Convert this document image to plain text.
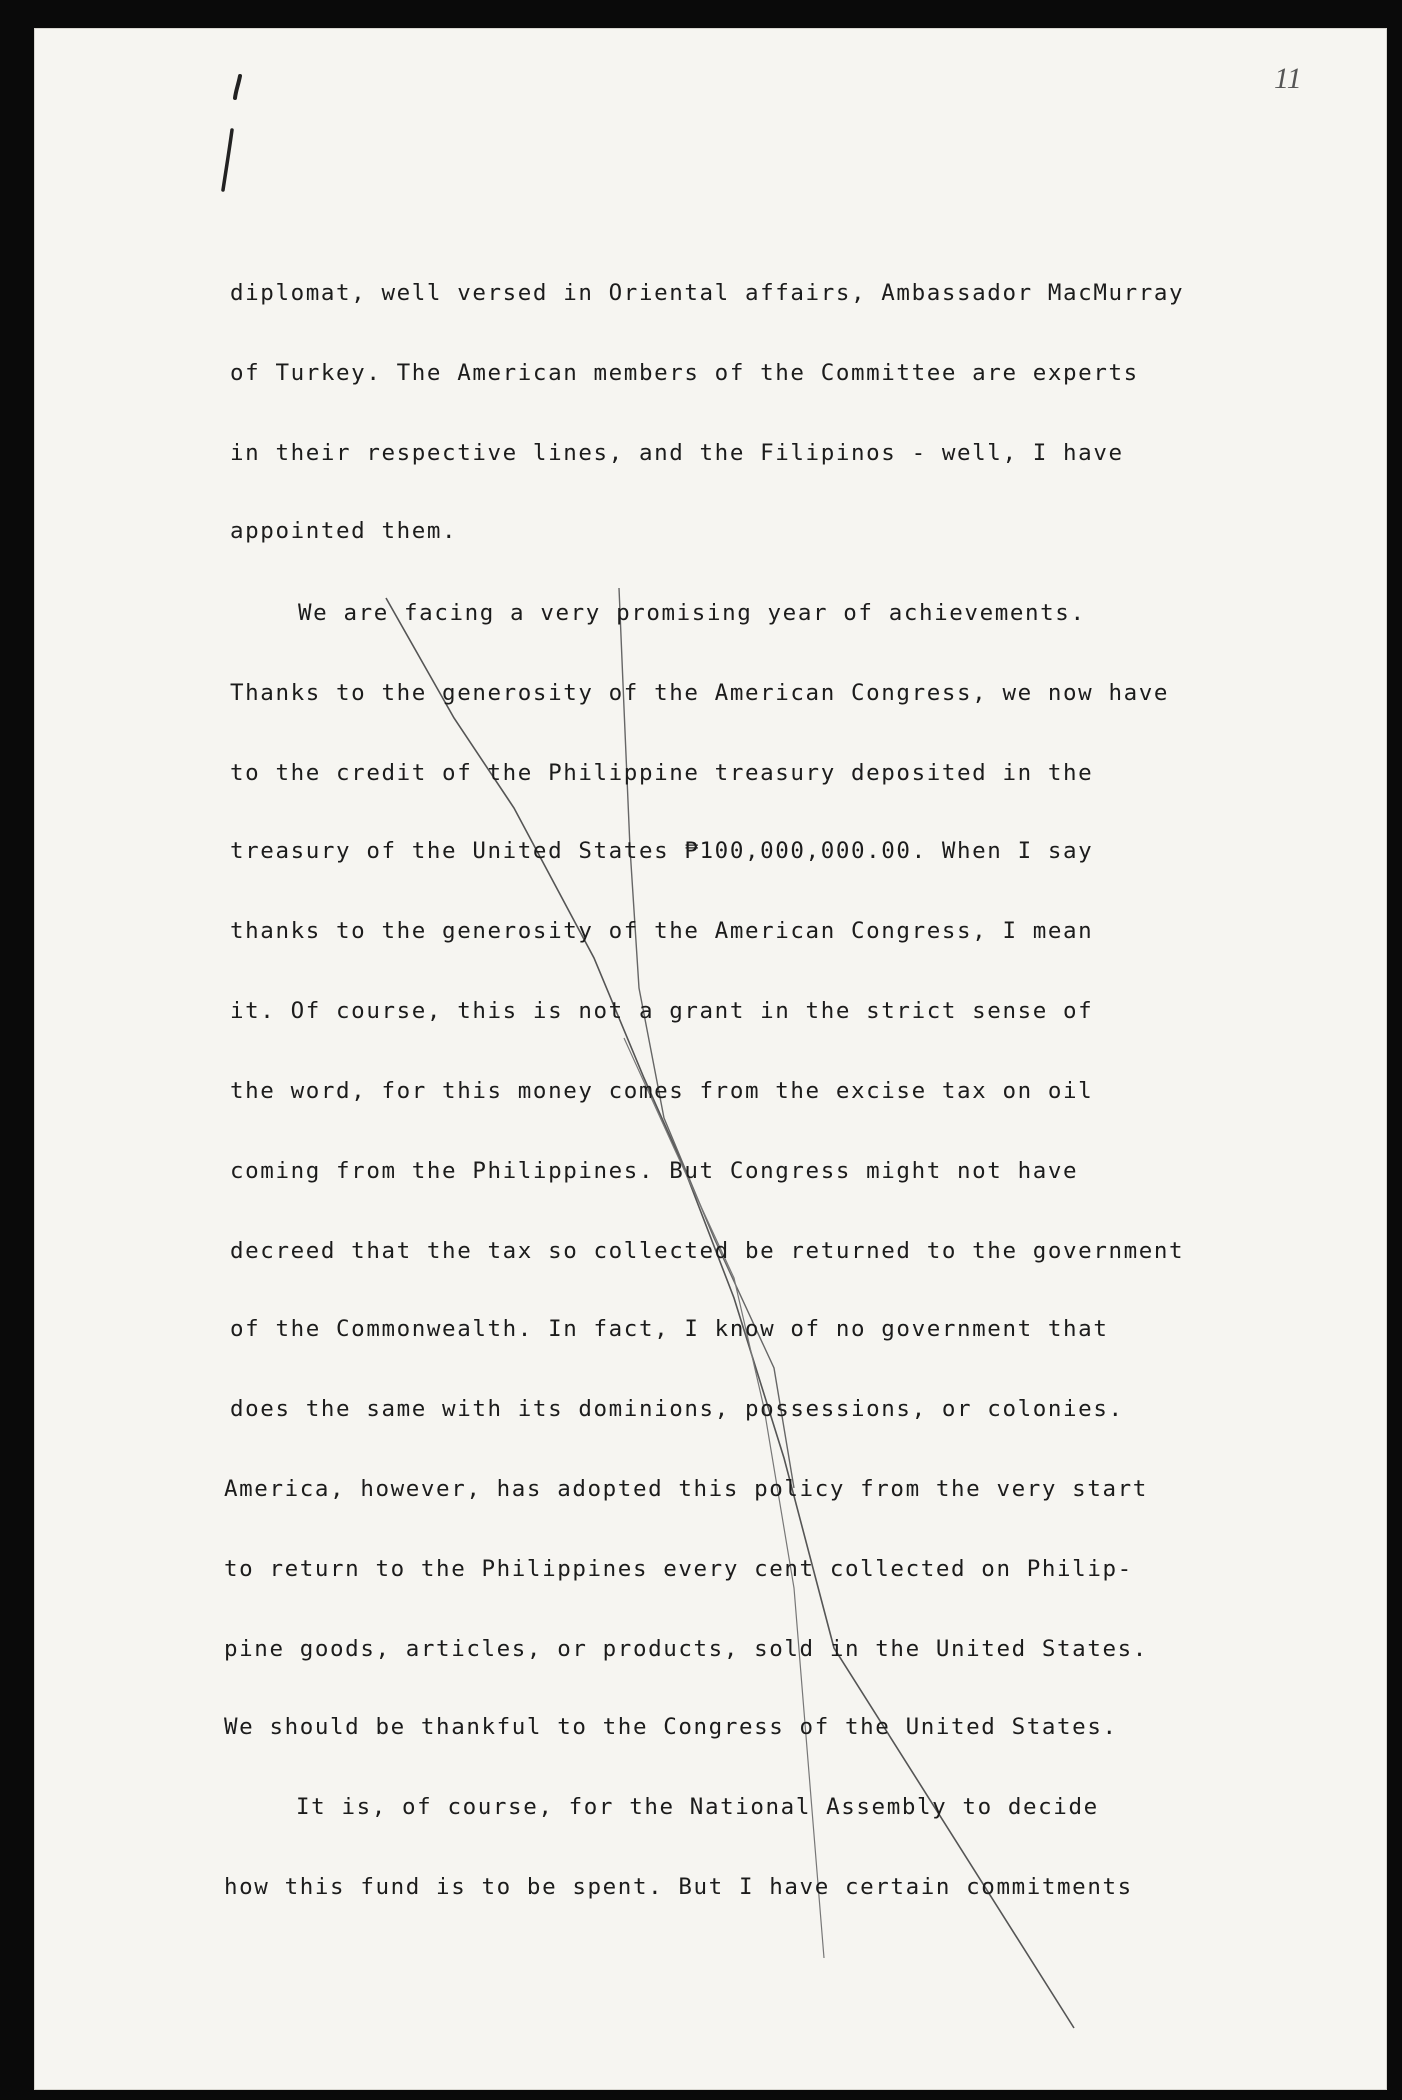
11
diplomat, well versed in Oriental affairs, Ambassador MacMurray
of Turkey. The American members of the Committee are experts
in their respective lines, and the Filipinos - well, I have
appointed them.
We are facing a very promising year of achievements.
Thanks to the generosity of the American Congress, we now have
to the credit of the Philippine treasury deposited in the
treasury of the United States ₱100,000,000.00. When I say
thanks to the generosity of the American Congress, I mean
it. Of course, this is not a grant in the strict sense of
the word, for this money comes from the excise tax on oil
coming from the Philippines. But Congress might not have
decreed that the tax so collected be returned to the government
of the Commonwealth. In fact, I know of no government that
does the same with its dominions, possessions, or colonies.
America, however, has adopted this policy from the very start
to return to the Philippines every cent collected on Philip-
pine goods, articles, or products, sold in the United States.
We should be thankful to the Congress of the United States.
It is, of course, for the National Assembly to decide
how this fund is to be spent. But I have certain commitments
